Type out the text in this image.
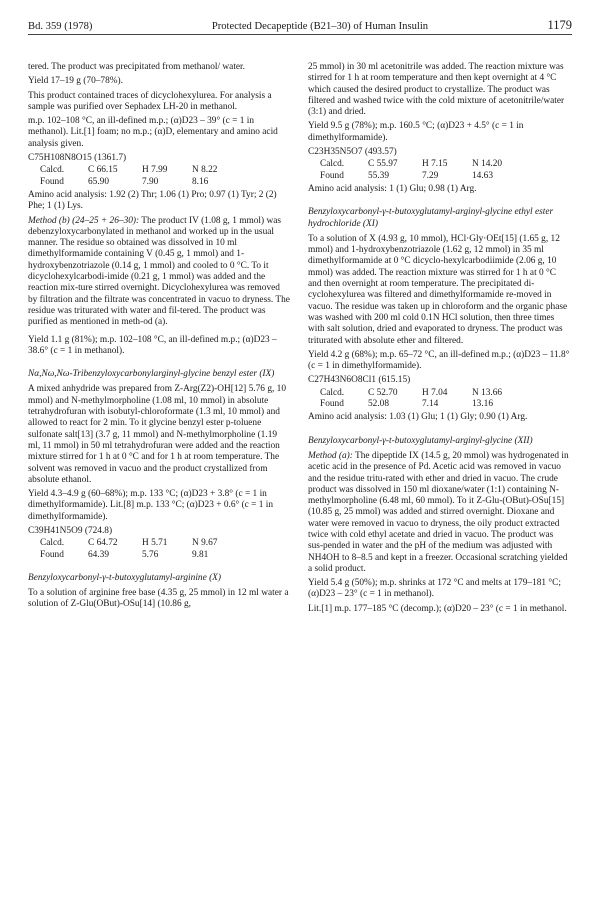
Bd. 359 (1978)	Protected Decapeptide (B21–30) of Human Insulin	1179

tered. The product was precipitated from methanol/ water.

Yield 17–19 g (70–78%).

This product contained traces of dicyclohexylurea. For analysis a sample was purified over Sephadex LH-20 in methanol.

m.p. 102–108 °C, an ill-defined m.p.; (α)D23 – 39° (c = 1 in methanol). Lit.[1] foam; no m.p.; (α)D, elementary and amino acid analysis given.

C75H108N8O15 (1361.7)
Calcd.	C 66.15	H 7.99	N 8.22
Found	65.90	7.90	8.16

Amino acid analysis: 1.92 (2) Thr; 1.06 (1) Pro; 0.97 (1) Tyr; 2 (2) Phe; 1 (1) Lys.

Method (b) (24–25 + 26–30): The product IV (1.08 g, 1 mmol) was debenzyloxycarbonylated in methanol and worked up in the usual manner. The residue so obtained was dissolved in 10 ml dimethylformamide containing V (0.45 g, 1 mmol) and 1-hydroxybenzotriazole (0.14 g, 1 mmol) and cooled to 0 °C. To it dicyclohexylcarbodi-imide (0.21 g, 1 mmol) was added and the reaction mix-ture stirred overnight. Dicyclohexylurea was removed by filtration and the filtrate was concentrated in vacuo to dryness. The residue was triturated with water and fil-tered. The product was purified as mentioned in meth-od (a).

Yield 1.1 g (81%); m.p. 102–108 °C, an ill-defined m.p.; (α)D23 – 38.6° (c = 1 in methanol).

Nα,Nω,Nω-Tribenzyloxycarbonylarginyl-glycine benzyl ester (IX)

A mixed anhydride was prepared from Z-Arg(Z2)-OH[12] 5.76 g, 10 mmol) and N-methylmorpholine (1.08 ml, 10 mmol) in absolute tetrahydrofuran with isobutyl-chloroformate (1.3 ml, 10 mmol) and allowed to react for 2 min. To it glycine benzyl ester p-toluene sulfonate salt[13] (3.7 g, 11 mmol) and N-methylmorpholine (1.19 ml, 11 mmol) in 50 ml tetrahydrofuran were added and the reaction mixture stirred for 1 h at 0 °C and for 1 h at room temperature. The solvent was removed in vacuo and the product crystallized from absolute ethanol.

Yield 4.3–4.9 g (60–68%); m.p. 133 °C; (α)D23 + 3.8° (c = 1 in dimethylformamide). Lit.[8] m.p. 133 °C; (α)D23 + 0.6° (c = 1 in dimethylformamide).

C39H41N5O9 (724.8)
Calcd.	C 64.72	H 5.71	N 9.67
Found	64.39	5.76	9.81
Benzyloxycarbonyl-γ-t-butoxyglutamyl-arginine (X)

To a solution of arginine free base (4.35 g, 25 mmol) in 12 ml water a solution of Z-Glu(OBut)-OSu[14] (10.86 g,

25 mmol) in 30 ml acetonitrile was added. The reaction mixture was stirred for 1 h at room temperature and then kept overnight at 4 °C which caused the desired product to crystallize. The product was filtered and washed twice with the cold mixture of acetonitrile/water (3:1) and dried.

Yield 9.5 g (78%); m.p. 160.5 °C; (α)D23 + 4.5° (c = 1 in dimethylformamide).

C23H35N5O7 (493.57)
Calcd.	C 55.97	H 7.15	N 14.20
Found	55.39	7.29	14.63

Amino acid analysis: 1 (1) Glu; 0.98 (1) Arg.

Benzyloxycarbonyl-γ-t-butoxyglutamyl-arginyl-glycine ethyl ester hydrochloride (XI)

To a solution of X (4.93 g, 10 mmol), HCl·Gly·OEt[15] (1.65 g, 12 mmol) and 1-hydroxybenzotriazole (1.62 g, 12 mmol) in 35 ml dimethylformamide at 0 °C dicyclo-hexylcarbodiimide (2.06 g, 10 mmol) was added. The reaction mixture was stirred for 1 h at 0 °C and then overnight at room temperature. The precipitated di-cyclohexylurea was filtered and dimethylformamide re-moved in vacuo. The residue was taken up in chloroform and the organic phase was washed with 200 ml cold 0.1N HCl solution, then three times with salt solution, dried and evaporated to dryness. The product was triturated with absolute ether and filtered.

Yield 4.2 g (68%); m.p. 65–72 °C, an ill-defined m.p.; (α)D23 – 11.8° (c = 1 in dimethylformamide).

C27H43N6O8Cl1 (615.15)
Calcd.	C 52.70	H 7.04	N 13.66
Found	52.08	7.14	13.16

Amino acid analysis: 1.03 (1) Glu; 1 (1) Gly; 0.90 (1) Arg.

Benzyloxycarbonyl-γ-t-butoxyglutamyl-arginyl-glycine (XII)

Method (a): The dipeptide IX (14.5 g, 20 mmol) was hydrogenated in acetic acid in the presence of Pd. Acetic acid was removed in vacuo and the residue tritu-rated with ether and dried in vacuo. The crude product was dissolved in 150 ml dioxane/water (1:1) containing N-methylmorpholine (6.48 ml, 60 mmol). To it Z-Glu-(OBut)-OSu[15] (10.85 g, 25 mmol) was added and stirred overnight. Dioxane and water were removed in vacuo to dryness, the oily product extracted twice with cold ethyl acetate and dried in vacuo. The product was sus-pended in water and the pH of the medium was adjusted with NH4OH to 8–8.5 and kept in a freezer. Occasional scratching yielded a solid product.

Yield 5.4 g (50%); m.p. shrinks at 172 °C and melts at 179–181 °C; (α)D23 – 23° (c = 1 in methanol).

Lit.[1] m.p. 177–185 °C (decomp.); (α)D20 – 23° (c = 1 in methanol.
